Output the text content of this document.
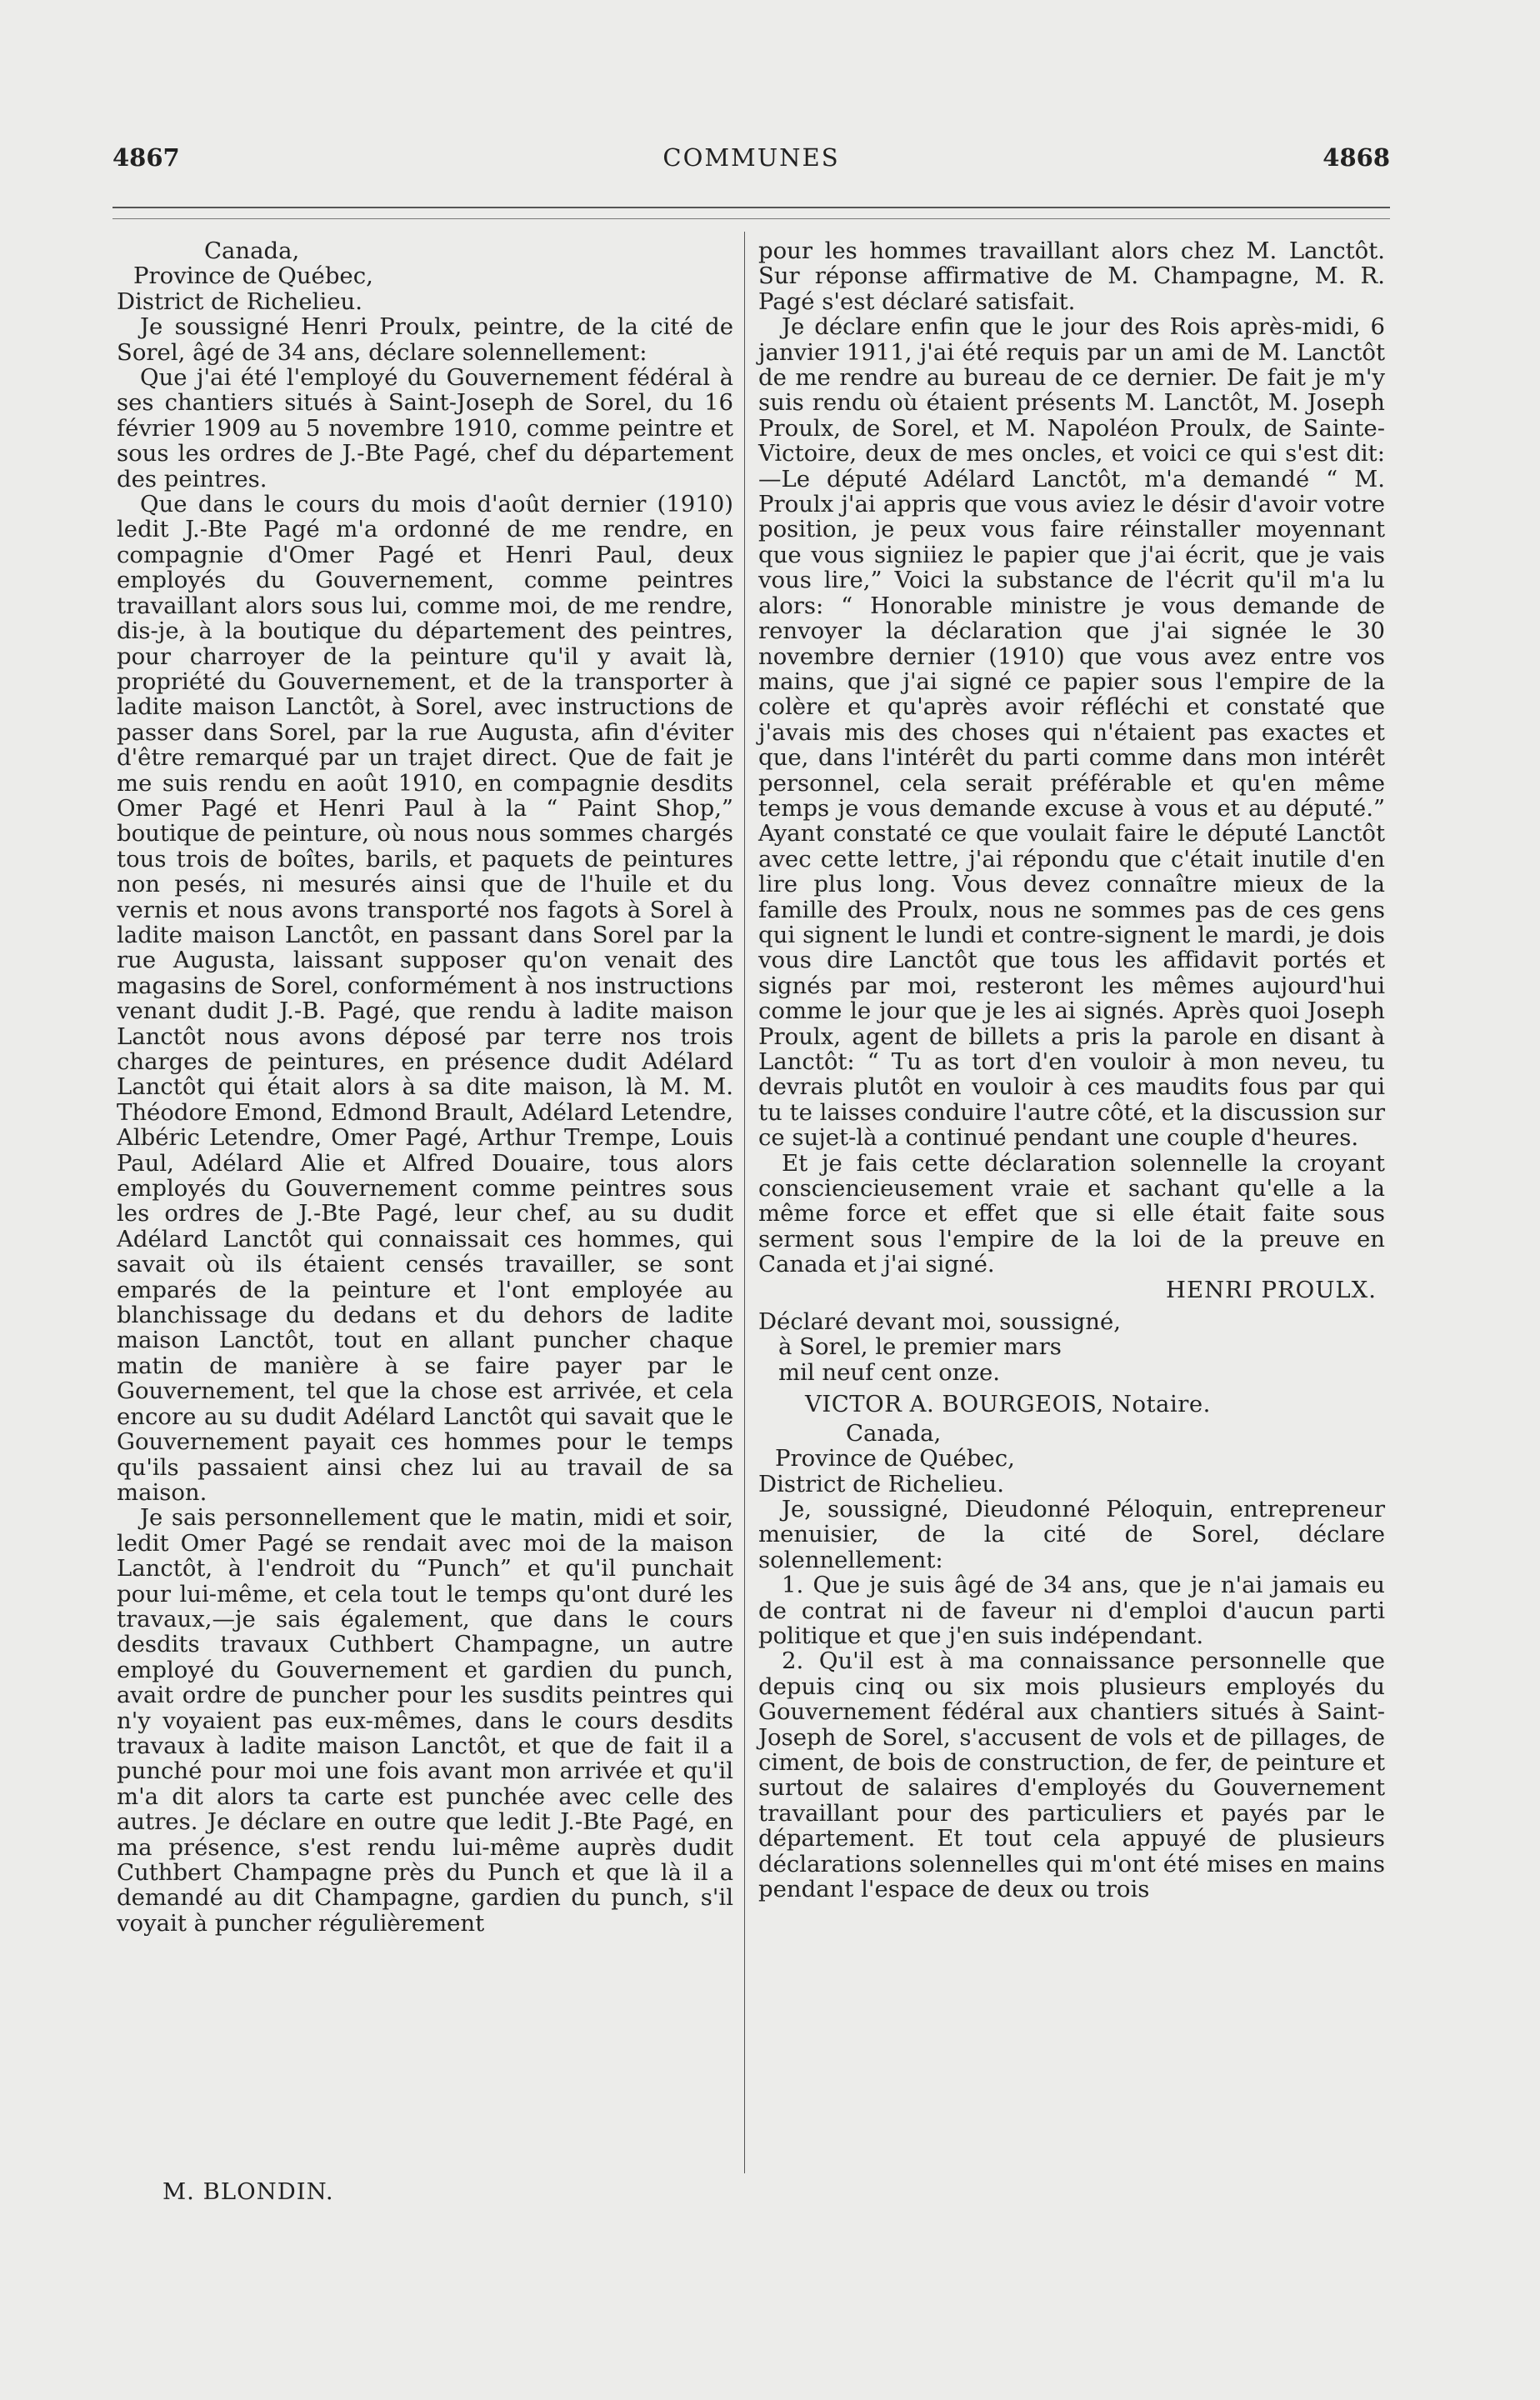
4867	COMMUNES	4868
Canada,
Province de Québec,
District de Richelieu.

Je soussigné Henri Proulx, peintre, de la cité de Sorel, âgé de 34 ans, déclare solennellement:

Que j'ai été l'employé du Gouvernement fédéral à ses chantiers situés à Saint-Joseph de Sorel, du 16 février 1909 au 5 novembre 1910, comme peintre et sous les ordres de J.-Bte Pagé, chef du département des peintres.

Que dans le cours du mois d'août dernier (1910) ledit J.-Bte Pagé m'a ordonné de me rendre, en compagnie d'Omer Pagé et Henri Paul, deux employés du Gouvernement, comme peintres travaillant alors sous lui, comme moi, de me rendre, dis-je, à la boutique du département des peintres, pour charroyer de la peinture qu'il y avait là, propriété du Gouvernement, et de la transporter à ladite maison Lanctôt, à Sorel, avec instructions de passer dans Sorel, par la rue Augusta, afin d'éviter d'être remarqué par un trajet direct. Que de fait je me suis rendu en août 1910, en compagnie desdits Omer Pagé et Henri Paul à la “ Paint Shop,” boutique de peinture, où nous nous sommes chargés tous trois de boîtes, barils, et paquets de peintures non pesés, ni mesurés ainsi que de l'huile et du vernis et nous avons transporté nos fagots à Sorel à ladite maison Lanctôt, en passant dans Sorel par la rue Augusta, laissant supposer qu'on venait des magasins de Sorel, conformément à nos instructions venant dudit J.-B. Pagé, que rendu à ladite maison Lanctôt nous avons déposé par terre nos trois charges de peintures, en présence dudit Adélard Lanctôt qui était alors à sa dite maison, là M. M. Théodore Emond, Edmond Brault, Adélard Letendre, Albéric Letendre, Omer Pagé, Arthur Trempe, Louis Paul, Adélard Alie et Alfred Douaire, tous alors employés du Gouvernement comme peintres sous les ordres de J.-Bte Pagé, leur chef, au su dudit Adélard Lanctôt qui connaissait ces hommes, qui savait où ils étaient censés travailler, se sont emparés de la peinture et l'ont employée au blanchissage du dedans et du dehors de ladite maison Lanctôt, tout en allant puncher chaque matin de manière à se faire payer par le Gouvernement, tel que la chose est arrivée, et cela encore au su dudit Adélard Lanctôt qui savait que le Gouvernement payait ces hommes pour le temps qu'ils passaient ainsi chez lui au travail de sa maison.

Je sais personnellement que le matin, midi et soir, ledit Omer Pagé se rendait avec moi de la maison Lanctôt, à l'endroit du “Punch” et qu'il punchait pour lui-même, et cela tout le temps qu'ont duré les travaux,—je sais également, que dans le cours desdits travaux Cuthbert Champagne, un autre employé du Gouvernement et gardien du punch, avait ordre de puncher pour les susdits peintres qui n'y voyaient pas eux-mêmes, dans le cours desdits travaux à ladite maison Lanctôt, et que de fait il a punché pour moi une fois avant mon arrivée et qu'il m'a dit alors ta carte est punchée avec celle des autres. Je déclare en outre que ledit J.-Bte Pagé, en ma présence, s'est rendu lui-même auprès dudit Cuthbert Champagne près du Punch et que là il a demandé au dit Champagne, gardien du punch, s'il voyait à puncher régulièrement

pour les hommes travaillant alors chez M. Lanctôt. Sur réponse affirmative de M. Champagne, M. R. Pagé s'est déclaré satisfait.

Je déclare enfin que le jour des Rois après-midi, 6 janvier 1911, j'ai été requis par un ami de M. Lanctôt de me rendre au bureau de ce dernier. De fait je m'y suis rendu où étaient présents M. Lanctôt, M. Joseph Proulx, de Sorel, et M. Napoléon Proulx, de Sainte-Victoire, deux de mes oncles, et voici ce qui s'est dit:—Le député Adélard Lanctôt, m'a demandé “ M. Proulx j'ai appris que vous aviez le désir d'avoir votre position, je peux vous faire réinstaller moyennant que vous signiiez le papier que j'ai écrit, que je vais vous lire,” Voici la substance de l'écrit qu'il m'a lu alors: “ Honorable ministre je vous demande de renvoyer la déclaration que j'ai signée le 30 novembre dernier (1910) que vous avez entre vos mains, que j'ai signé ce papier sous l'empire de la colère et qu'après avoir réfléchi et constaté que j'avais mis des choses qui n'étaient pas exactes et que, dans l'intérêt du parti comme dans mon intérêt personnel, cela serait préférable et qu'en même temps je vous demande excuse à vous et au député.” Ayant constaté ce que voulait faire le député Lanctôt avec cette lettre, j'ai répondu que c'était inutile d'en lire plus long. Vous devez connaître mieux de la famille des Proulx, nous ne sommes pas de ces gens qui signent le lundi et contre-signent le mardi, je dois vous dire Lanctôt que tous les affidavit portés et signés par moi, resteront les mêmes aujourd'hui comme le jour que je les ai signés. Après quoi Joseph Proulx, agent de billets a pris la parole en disant à Lanctôt: “ Tu as tort d'en vouloir à mon neveu, tu devrais plutôt en vouloir à ces maudits fous par qui tu te laisses conduire l'autre côté, et la discussion sur ce sujet-là a continué pendant une couple d'heures.

Et je fais cette déclaration solennelle la croyant consciencieusement vraie et sachant qu'elle a la même force et effet que si elle était faite sous serment sous l'empire de la loi de la preuve en Canada et j'ai signé.

HENRI PROULX.
Déclaré devant moi, soussigné,
à Sorel, le premier mars
mil neuf cent onze.
VICTOR A. BOURGEOIS, Notaire.
Canada,
Province de Québec,
District de Richelieu.

Je, soussigné, Dieudonné Péloquin, entrepreneur menuisier, de la cité de Sorel, déclare solennellement:

1. Que je suis âgé de 34 ans, que je n'ai jamais eu de contrat ni de faveur ni d'emploi d'aucun parti politique et que j'en suis indépendant.

2. Qu'il est à ma connaissance personnelle que depuis cinq ou six mois plusieurs employés du Gouvernement fédéral aux chantiers situés à Saint-Joseph de Sorel, s'accusent de vols et de pillages, de ciment, de bois de construction, de fer, de peinture et surtout de salaires d'employés du Gouvernement travaillant pour des particuliers et payés par le département. Et tout cela appuyé de plusieurs déclarations solennelles qui m'ont été mises en mains pendant l'espace de deux ou trois

M. BLONDIN.
